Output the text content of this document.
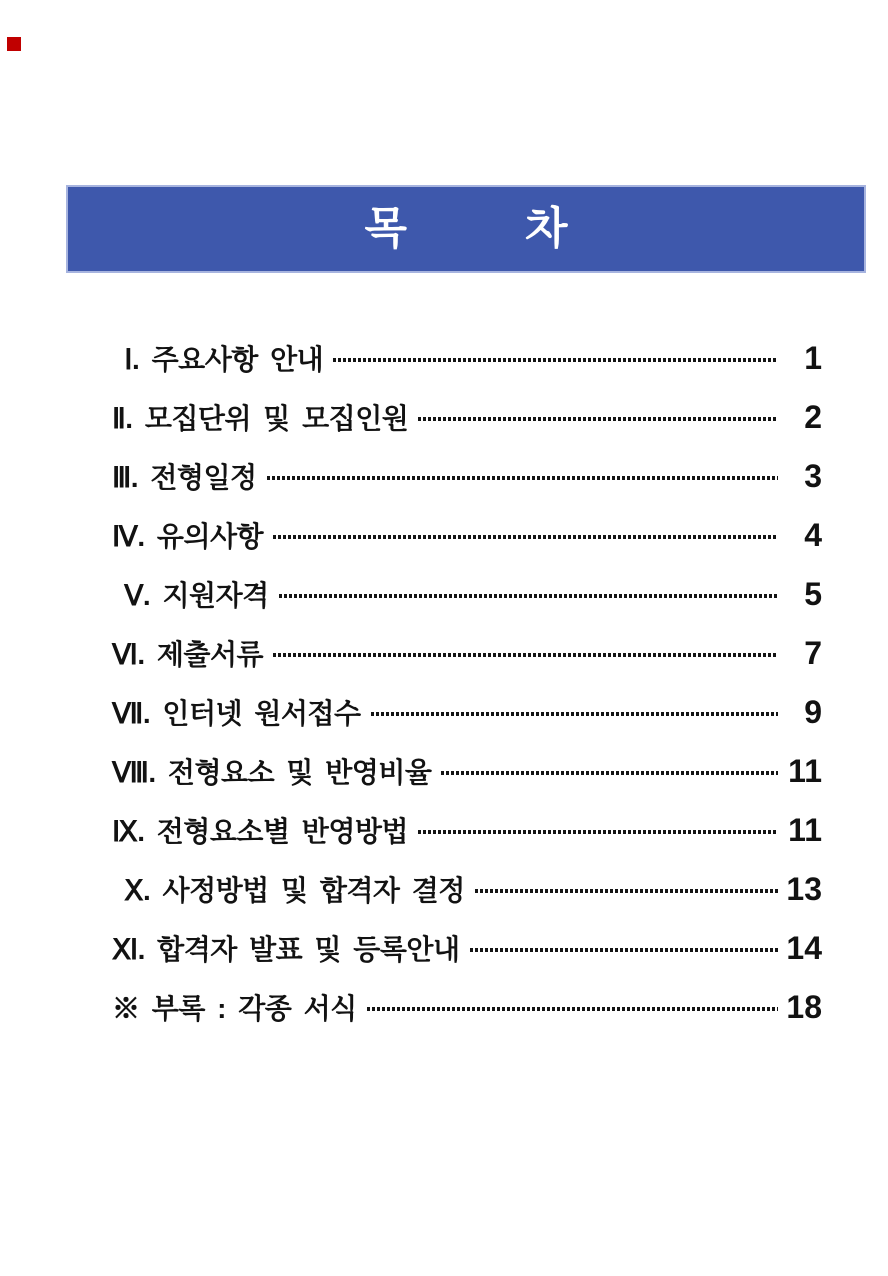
목	차
Ⅰ. 주요사항 안내	1
Ⅱ. 모집단위 및 모집인원	2
Ⅲ. 전형일정	3
Ⅳ. 유의사항	4
Ⅴ. 지원자격	5
Ⅵ. 제출서류	7
Ⅶ. 인터넷 원서접수	9
Ⅷ. 전형요소 및 반영비율	11
Ⅸ. 전형요소별 반영방법	11
Ⅹ. 사정방법 및 합격자 결정	13
Ⅺ. 합격자 발표 및 등록안내	14
※ 부록 : 각종 서식	18
